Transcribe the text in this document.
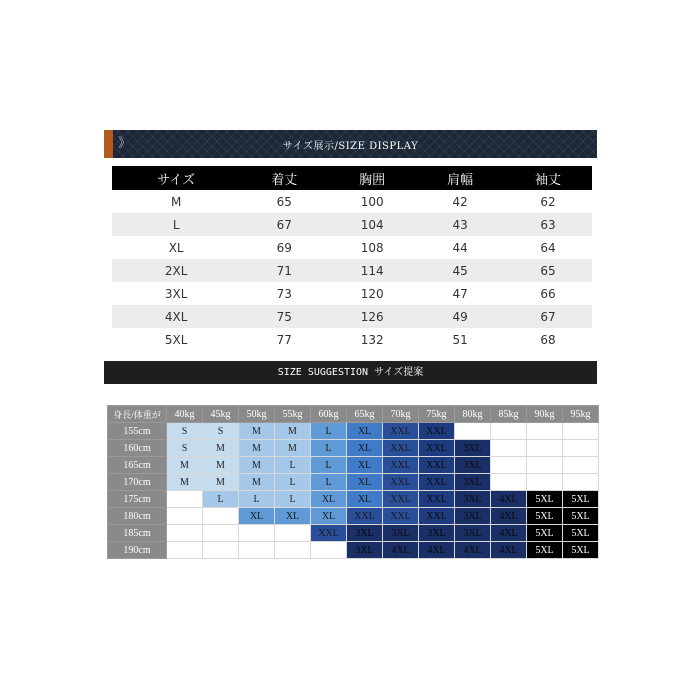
》	サイズ展示/SIZE DISPLAY
サイズ	着丈	胸囲	肩幅	袖丈
M	65	100	42	62
L	67	104	43	63
XL	69	108	44	64
2XL	71	114	45	65
3XL	73	120	47	66
4XL	75	126	49	67
5XL	77	132	51	68
SIZE SUGGESTION サイズ提案
身長/体重が	40kg	45kg	50kg	55kg	60kg	65kg	70kg	75kg	80kg	85kg	90kg	95kg
155cm	S	S	M	M	L	XL	XXL	XXL				
160cm	S	M	M	M	L	XL	XXL	XXL	3XL			
165cm	M	M	M	L	L	XL	XXL	XXL	3XL			
170cm	M	M	M	L	L	XL	XXL	XXL	3XL			
175cm		L	L	L	XL	XL	XXL	XXL	3XL	4XL	5XL	5XL
180cm			XL	XL	XL	XXL	XXL	XXL	3XL	4XL	5XL	5XL
185cm					XXL	3XL	3XL	3XL	3XL	4XL	5XL	5XL
190cm						3XL	4XL	4XL	4XL	4XL	5XL	5XL
